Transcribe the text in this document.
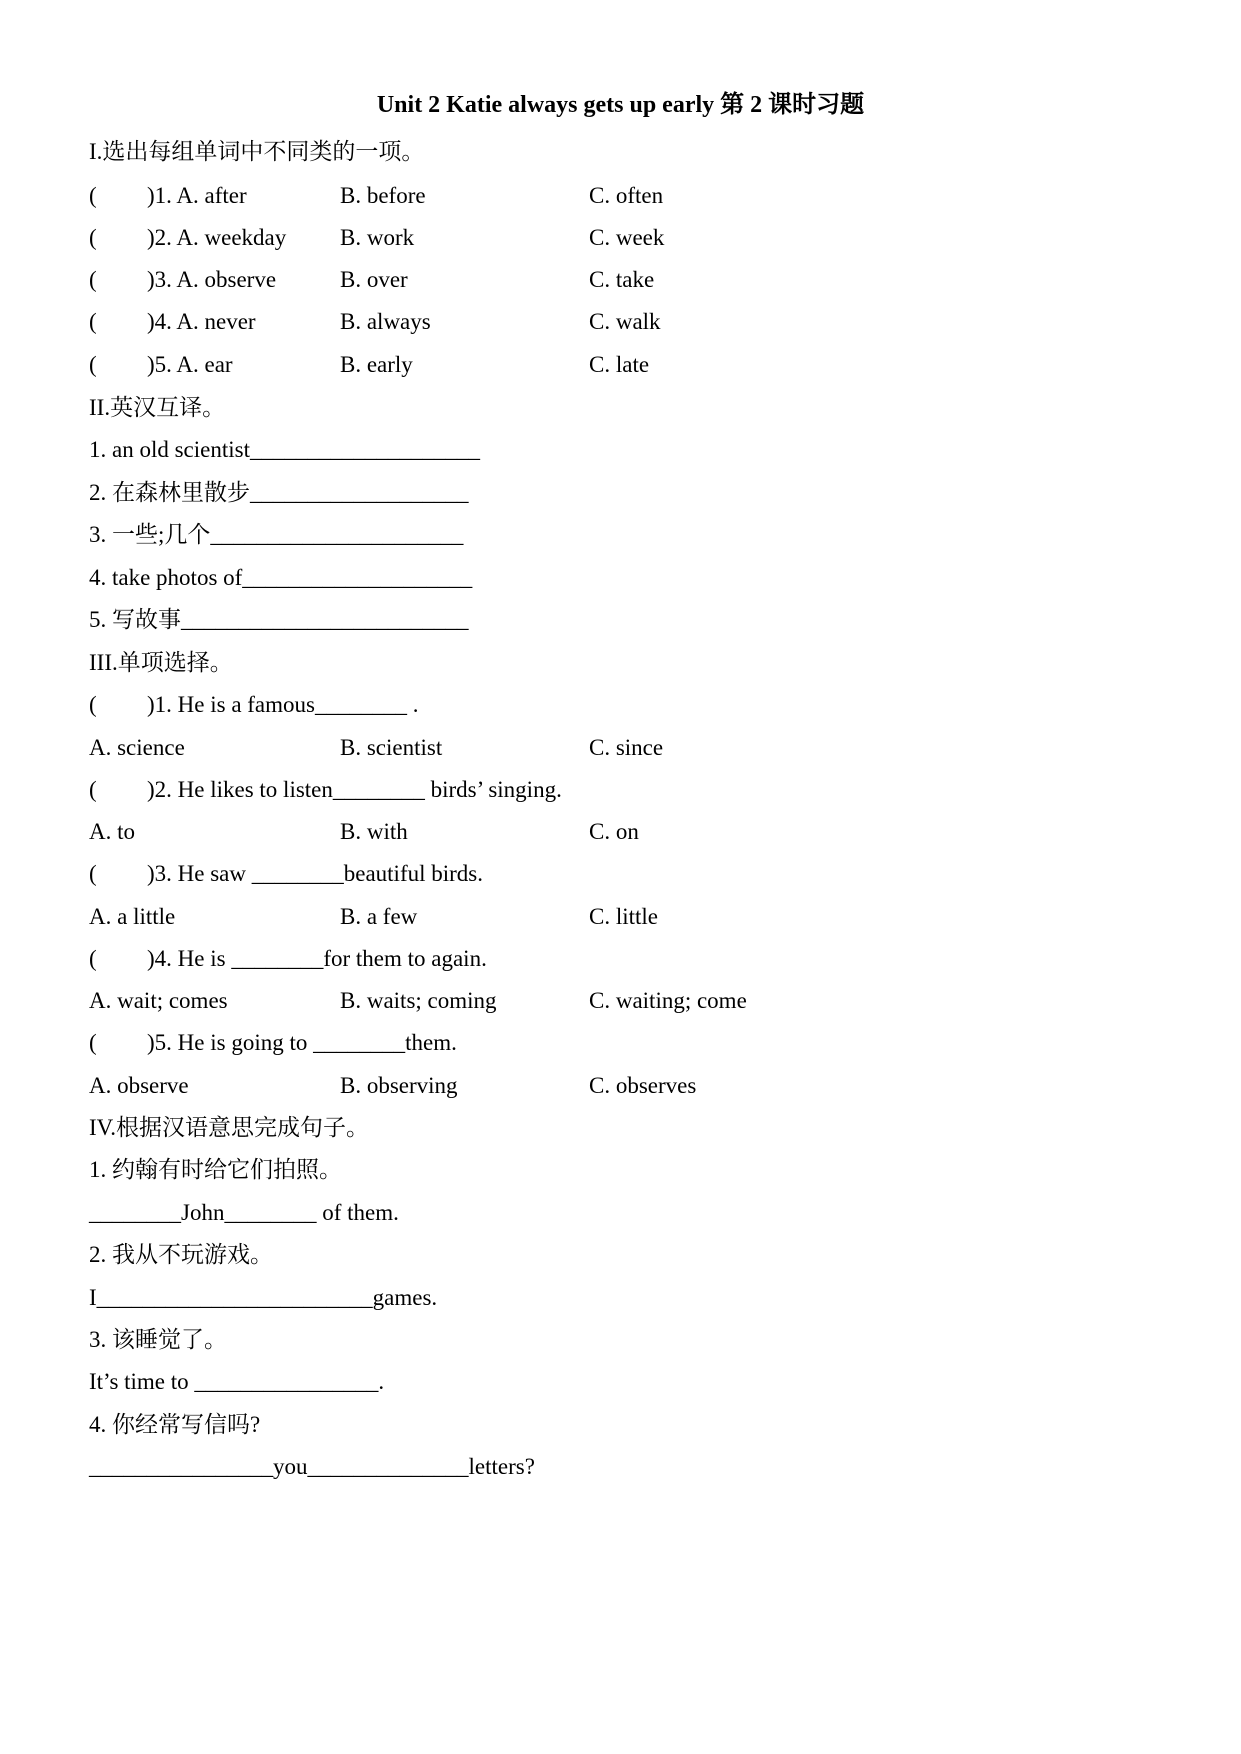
Unit 2 Katie always gets up early 第 2 课时习题
I.选出每组单词中不同类的一项。
( )1. A. after	B. before	C. often
( )2. A. weekday B. work	C. week
( )3. A. observe	B. over	C. take
( )4. A. never	B. always	C. walk
( )5. A. ear	B. early	C. late
II.英汉互译。
1. an old scientist____________________
2. 在森林里散步___________________
3. 一些;几个______________________
4. take photos of____________________
5. 写故事_________________________
III.单项选择。
( )1. He is a famous________ .
A. science	B. scientist	C. since
( )2. He likes to listen________ birds’ singing.
A. to	B. with	C. on
( )3. He saw ________beautiful birds.
A. a little	B. a few	C. little
( )4. He is ________for them to again.
A. wait; comes	B. waits; coming	C. waiting; come
( )5. He is going to ________them.
A. observe	B. observing	C. observes
IV.根据汉语意思完成句子。
1. 约翰有时给它们拍照。
________John________ of them.
2. 我从不玩游戏。
I________________________games.
3. 该睡觉了。
It’s time to ________________.
4. 你经常写信吗?
________________you______________letters?
